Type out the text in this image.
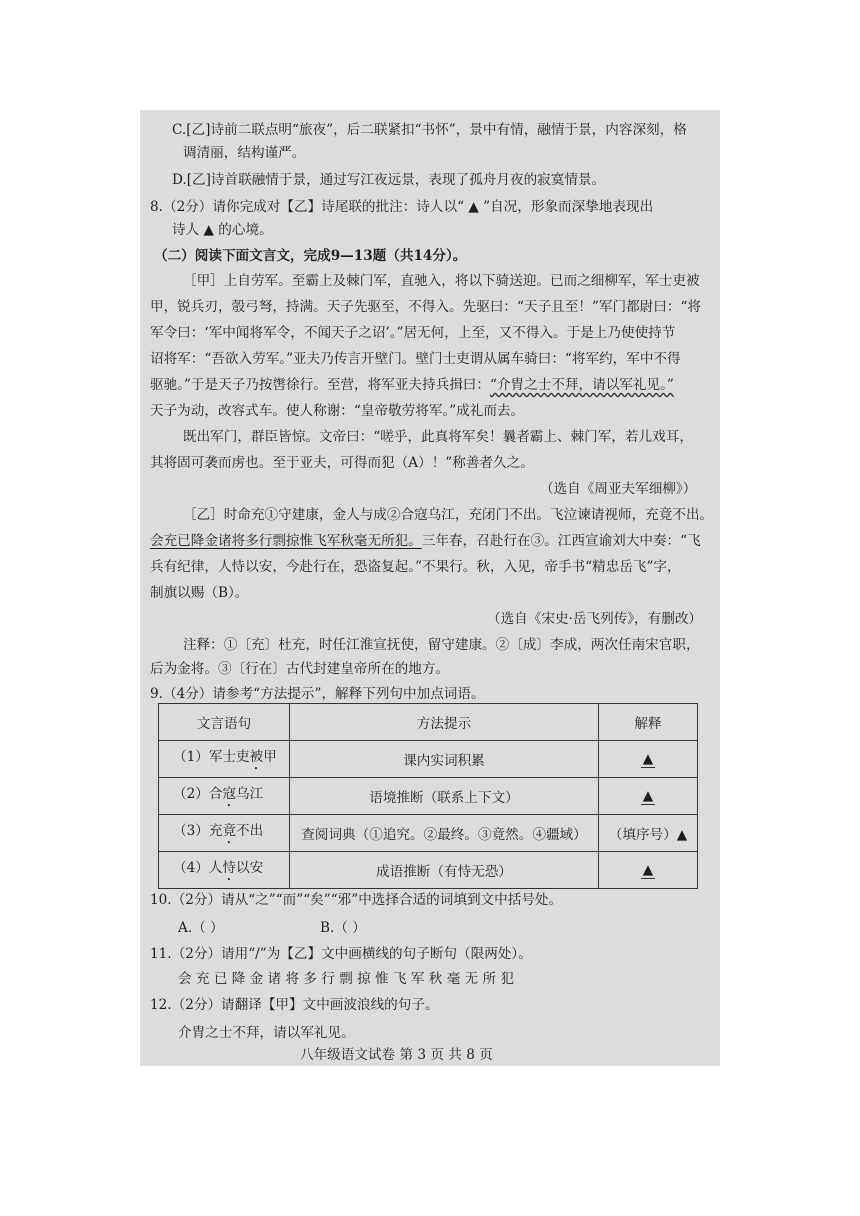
C.[乙]诗前二联点明“旅夜”，后二联紧扣“书怀”，景中有情，融情于景，内容深刻，格
调清丽，结构谨严。
D.[乙]诗首联融情于景，通过写江夜远景，表现了孤舟月夜的寂寞情景。
8.（2分）请你完成对【乙】诗尾联的批注：诗人以“ ▲ ”自况，形象而深挚地表现出
诗人 ▲ 的心境。
（二）阅读下面文言文，完成9—13题（共14分）。
［甲］上自劳军。至霸上及棘门军，直驰入，将以下骑送迎。已而之细柳军，军士吏被
甲，锐兵刃，彀弓弩，持满。天子先驱至，不得入。先驱曰：“天子且至！”军门都尉曰：“将
军令曰：‘军中闻将军令，不闻天子之诏’。”居无何，上至，又不得入。于是上乃使使持节
诏将军：“吾欲入劳军。”亚夫乃传言开壁门。壁门士吏谓从属车骑曰：“将军约，军中不得
驱驰。”于是天子乃按辔徐行。至营，将军亚夫持兵揖曰：“介胄之士不拜，请以军礼见。”
天子为动，改容式车。使人称谢：“皇帝敬劳将军。”成礼而去。
既出军门，群臣皆惊。文帝曰：“嗟乎，此真将军矣！曩者霸上、棘门军，若儿戏耳，
其将固可袭而虏也。至于亚夫，可得而犯（A）！”称善者久之。
（选自《周亚夫军细柳》）
［乙］时命充①守建康，金人与成②合寇乌江，充闭门不出。飞泣谏请视师，充竟不出。
会充已降金诸将多行剽掠惟飞军秋毫无所犯。三年春，召赴行在③。江西宣谕刘大中奏：“飞
兵有纪律，人恃以安，今赴行在，恐盗复起。”不果行。秋，入见，帝手书“精忠岳飞”字，
制旗以赐（B）。
（选自《宋史·岳飞列传》，有删改）
注释：①〔充〕杜充，时任江淮宣抚使，留守建康。②〔成〕李成，两次任南宋官职，
后为金将。③〔行在〕古代封建皇帝所在的地方。
9.（4分）请参考“方法提示”，解释下列句中加点词语。
文言语句	方法提示	解释
（1）军士吏被甲	课内实词积累	▲
（2）合寇乌江	语境推断（联系上下文）	▲
（3）充竟不出	查阅词典（①追究。②最终。③竟然。④疆域）	（填序号）▲
（4）人恃以安	成语推断（有恃无恐）	▲
10.（2分）请从“之”“而”“矣”“邪”中选择合适的词填到文中括号处。
A.（ ）	B.（ ）
11.（2分）请用“/”为【乙】文中画横线的句子断句（限两处）。
会 充 已 降 金 诸 将 多 行 剽 掠 惟 飞 军 秋 毫 无 所 犯
12.（2分）请翻译【甲】文中画波浪线的句子。
介胄之士不拜，请以军礼见。
八年级语文试卷 第 3 页 共 8 页
